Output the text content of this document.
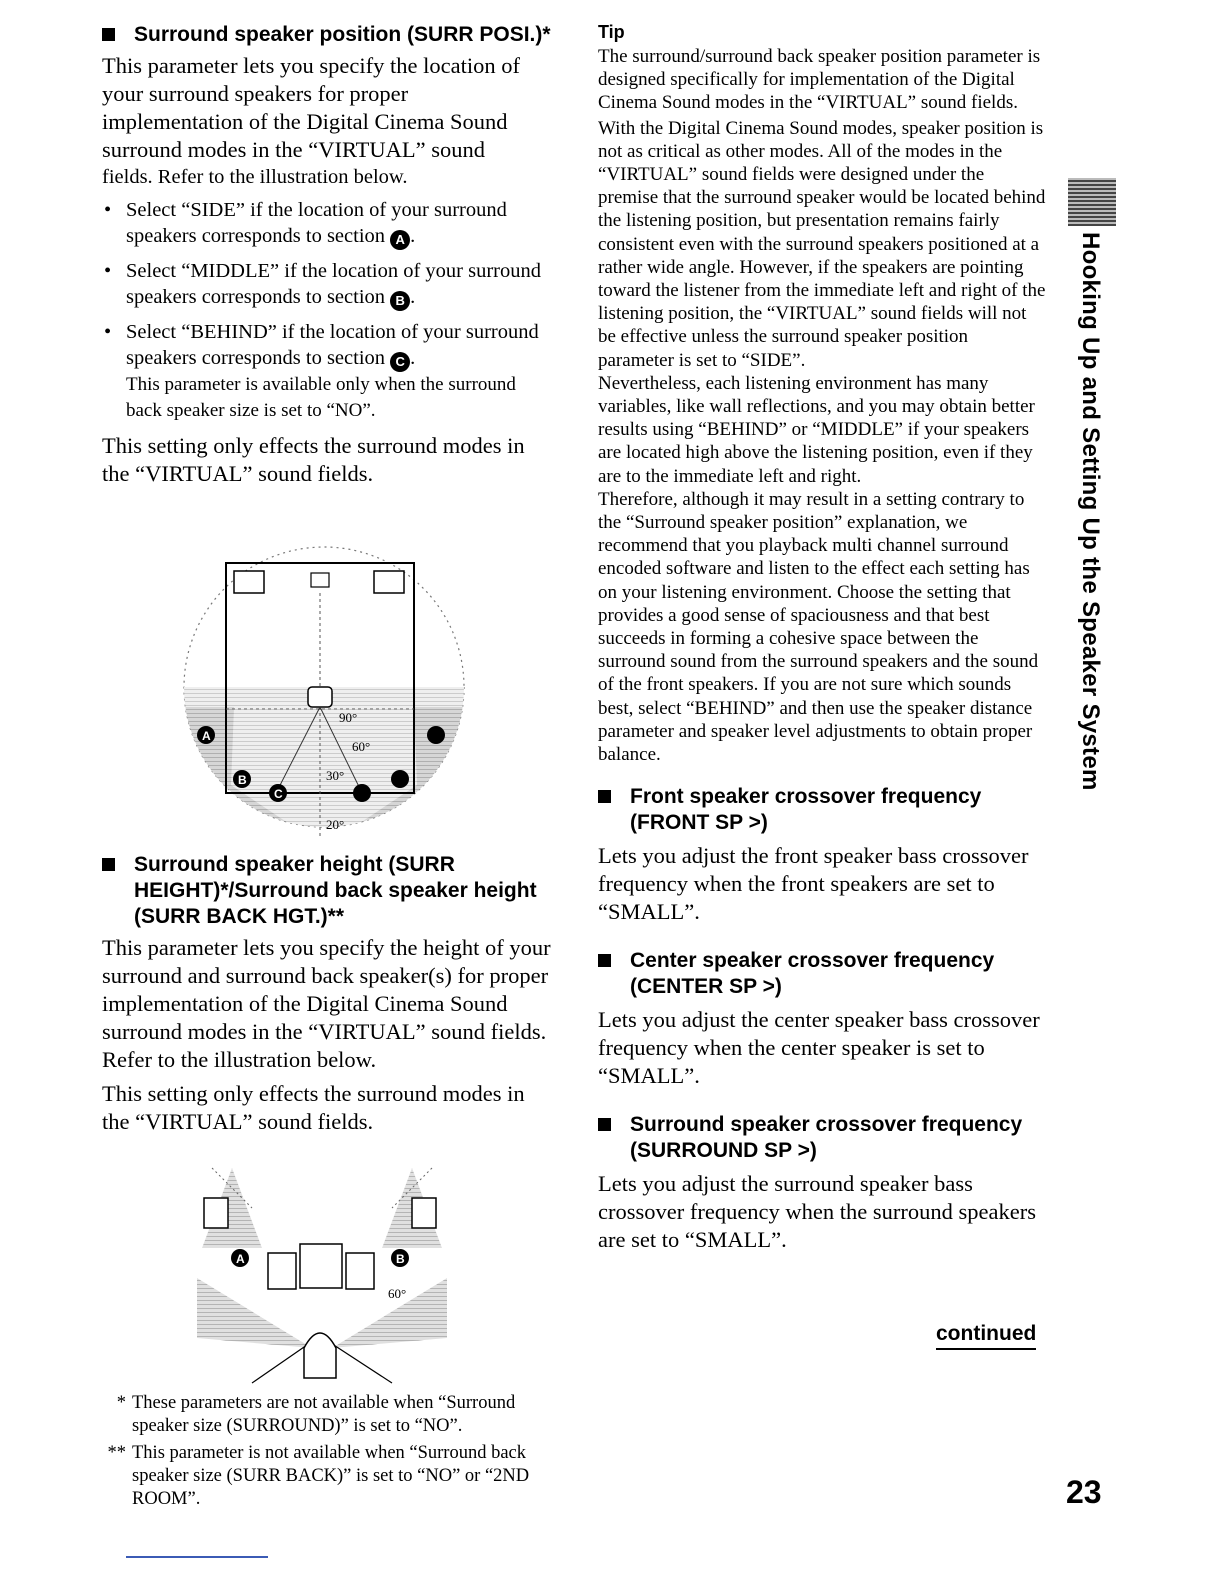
Surround speaker position (SURR POSI.)*

This parameter lets you specify the location of your surround speakers for proper implementation of the Digital Cinema Sound surround modes in the “VIRTUAL” sound

fields. Refer to the illustration below.

• Select “SIDE” if the location of your surround speakers corresponds to section A .
• Select “MIDDLE” if the location of your surround speakers corresponds to section B .
• Select “BEHIND” if the location of your surround speakers corresponds to section C .
This parameter is available only when the surround back speaker size is set to “NO”.

This setting only effects the surround modes in the “VIRTUAL” sound fields.

90°
60°
30°
20°
A
B
C
Surround speaker height (SURR HEIGHT)*/Surround back speaker height (SURR BACK HGT.)**

This parameter lets you specify the height of your surround and surround back speaker(s) for proper implementation of the Digital Cinema Sound surround modes in the “VIRTUAL” sound fields. Refer to the illustration below.

This setting only effects the surround modes in the “VIRTUAL” sound fields.

A	B
60°
* These parameters are not available when “Surround speaker size (SURROUND)” is set to “NO”.
** This parameter is not available when “Surround back speaker size (SURR BACK)” is set to “NO” or “2ND ROOM”.
Tip

The surround/surround back speaker position parameter is designed specifically for implementation of the Digital Cinema Sound modes in the “VIRTUAL” sound fields.

With the Digital Cinema Sound modes, speaker position is not as critical as other modes. All of the modes in the “VIRTUAL” sound fields were designed under the premise that the surround speaker would be located behind the listening position, but presentation remains fairly consistent even with the surround speakers positioned at a rather wide angle. However, if the speakers are pointing toward the listener from the immediate left and right of the listening position, the “VIRTUAL” sound fields will not be effective unless the surround speaker position parameter is set to “SIDE”.

Nevertheless, each listening environment has many variables, like wall reflections, and you may obtain better results using “BEHIND” or “MIDDLE” if your speakers are located high above the listening position, even if they are to the immediate left and right.

Therefore, although it may result in a setting contrary to the “Surround speaker position” explanation, we recommend that you playback multi channel surround encoded software and listen to the effect each setting has on your listening environment. Choose the setting that provides a good sense of spaciousness and that best succeeds in forming a cohesive space between the surround sound from the surround speakers and the sound of the front speakers. If you are not sure which sounds best, select “BEHIND” and then use the speaker distance parameter and speaker level adjustments to obtain proper balance.

Front speaker crossover frequency (FRONT SP >)

Lets you adjust the front speaker bass crossover frequency when the front speakers are set to “SMALL”.

Center speaker crossover frequency (CENTER SP >)

Lets you adjust the center speaker bass crossover frequency when the center speaker is set to “SMALL”.

Surround speaker crossover frequency (SURROUND SP >)

Lets you adjust the surround speaker bass crossover frequency when the surround speakers are set to “SMALL”.

continued
Hooking Up and Setting Up the Speaker System
23
